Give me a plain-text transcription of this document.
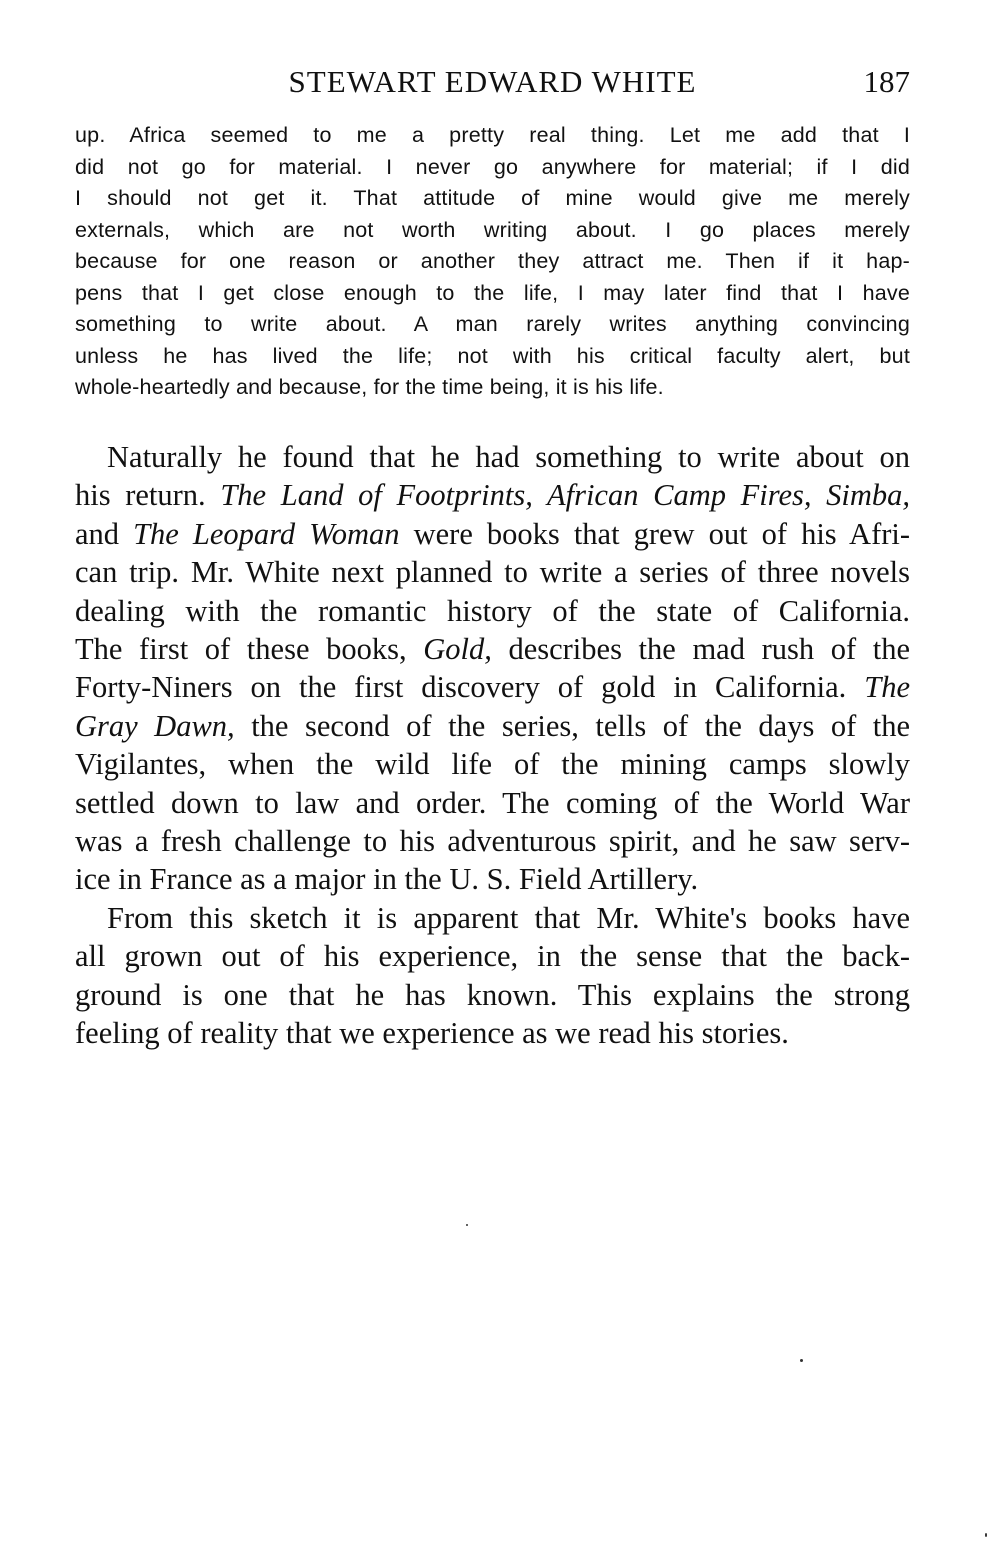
STEWART EDWARD WHITE	187
up. Africa seemed to me a pretty real thing. Let me add that I
did not go for material. I never go anywhere for material; if I did
I should not get it. That attitude of mine would give me merely
externals, which are not worth writing about. I go places merely
because for one reason or another they attract me. Then if it hap-
pens that I get close enough to the life, I may later find that I have
something to write about. A man rarely writes anything convincing
unless he has lived the life; not with his critical faculty alert, but
whole-heartedly and because, for the time being, it is his life.

Naturally he found that he had something to write about on
his return. The Land of Footprints, African Camp Fires, Simba,
and The Leopard Woman were books that grew out of his Afri-
can trip. Mr. White next planned to write a series of three novels
dealing with the romantic history of the state of California.
The first of these books, Gold, describes the mad rush of the
Forty-Niners on the first discovery of gold in California. The
Gray Dawn, the second of the series, tells of the days of the
Vigilantes, when the wild life of the mining camps slowly
settled down to law and order. The coming of the World War
was a fresh challenge to his adventurous spirit, and he saw serv-
ice in France as a major in the U. S. Field Artillery.

From this sketch it is apparent that Mr. White's books have
all grown out of his experience, in the sense that the back-
ground is one that he has known. This explains the strong
feeling of reality that we experience as we read his stories.
